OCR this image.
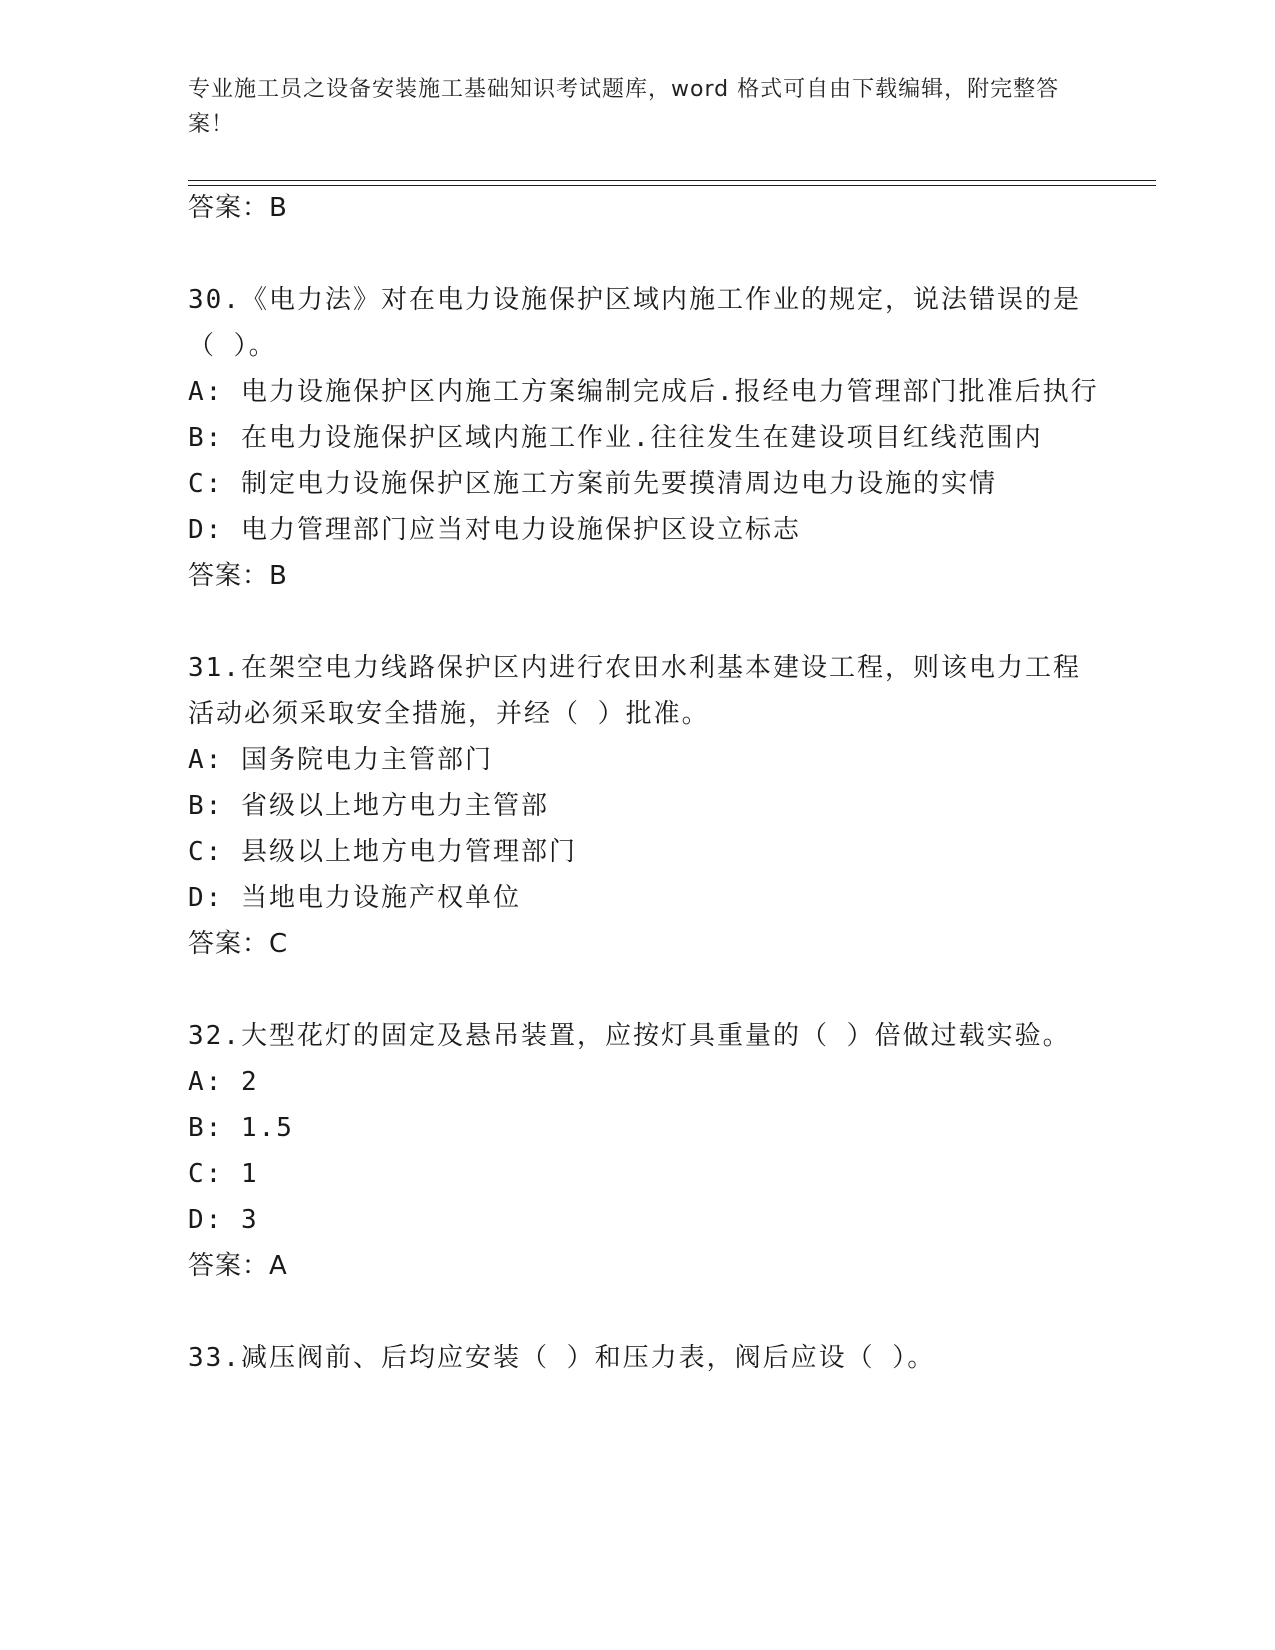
专业施工员之设备安装施工基础知识考试题库，word 格式可自由下载编辑，附完整答案！
答案：B
30.《电力法》对在电力设施保护区域内施工作业的规定，说法错误的是（ ）。
A: 电力设施保护区内施工方案编制完成后.报经电力管理部门批准后执行
B: 在电力设施保护区域内施工作业.往往发生在建设项目红线范围内
C: 制定电力设施保护区施工方案前先要摸清周边电力设施的实情
D: 电力管理部门应当对电力设施保护区设立标志
答案：B
31.在架空电力线路保护区内进行农田水利基本建设工程，则该电力工程活动必须采取安全措施，并经（ ）批准。
A: 国务院电力主管部门
B: 省级以上地方电力主管部
C: 县级以上地方电力管理部门
D: 当地电力设施产权单位
答案：C
32.大型花灯的固定及悬吊装置，应按灯具重量的（ ）倍做过载实验。
A: 2
B: 1.5
C: 1
D: 3
答案：A
33.减压阀前、后均应安装（ ）和压力表，阀后应设（ ）。
